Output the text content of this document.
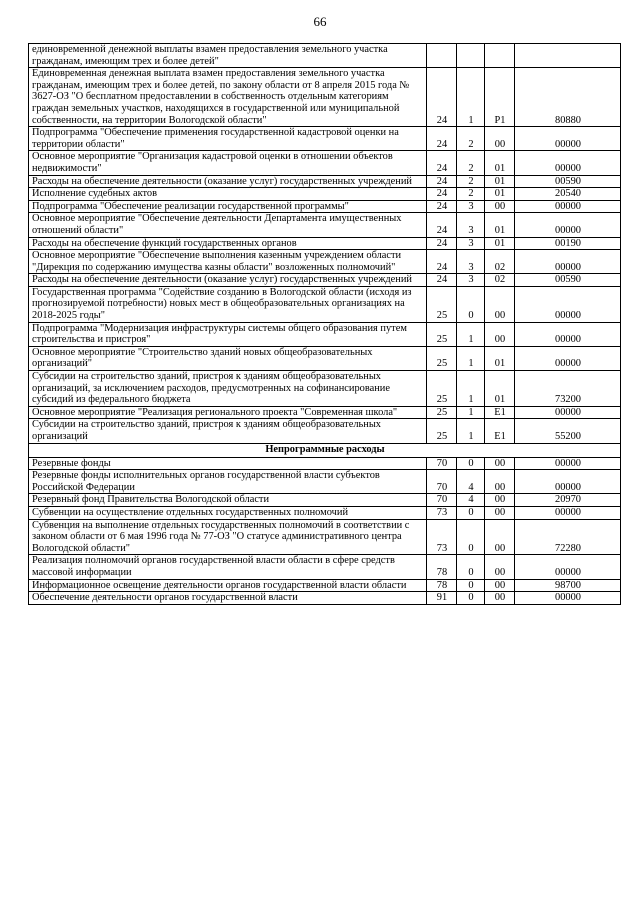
66
единовременной денежной выплаты взамен предоставления земельного участка гражданам, имеющим трех и более детей"				
Единовременная денежная выплата взамен предоставления земельного участка гражданам, имеющим трех и более детей, по закону области от 8 апреля 2015 года № 3627-ОЗ "О бесплатном предоставлении в собственность отдельным категориям граждан земельных участков, находящихся в государственной или муниципальной собственности, на территории Вологодской области"	24	1	Р1	80880
Подпрограмма "Обеспечение применения государственной кадастровой оценки на территории области"	24	2	00	00000
Основное мероприятие "Организация кадастровой оценки в отношении объектов недвижимости"	24	2	01	00000
Расходы на обеспечение деятельности (оказание услуг) государственных учреждений	24	2	01	00590
Исполнение судебных актов	24	2	01	20540
Подпрограмма "Обеспечение реализации государственной программы"	24	3	00	00000
Основное мероприятие "Обеспечение деятельности Департамента имущественных отношений области"	24	3	01	00000
Расходы на обеспечение функций государственных органов	24	3	01	00190
Основное мероприятие "Обеспечение выполнения казенным учреждением области "Дирекция по содержанию имущества казны области" возложенных полномочий"	24	3	02	00000
Расходы на обеспечение деятельности (оказание услуг) государственных учреждений	24	3	02	00590
Государственная программа "Содействие созданию в Вологодской области (исходя из прогнозируемой потребности) новых мест в общеобразовательных организациях на 2018-2025 годы"	25	0	00	00000
Подпрограмма "Модернизация инфраструктуры системы общего образования путем строительства и пристроя"	25	1	00	00000
Основное мероприятие "Строительство зданий новых общеобразовательных организаций"	25	1	01	00000
Субсидии на строительство зданий, пристроя к зданиям общеобразовательных организаций, за исключением расходов, предусмотренных на софинансирование субсидий из федерального бюджета	25	1	01	73200
Основное мероприятие "Реализация регионального проекта "Современная школа"	25	1	Е1	00000
Субсидии на строительство зданий, пристроя к зданиям общеобразовательных организаций	25	1	Е1	55200
Непрограммные расходы				
Резервные фонды	70	0	00	00000
Резервные фонды исполнительных органов государственной власти субъектов Российской Федерации	70	4	00	00000
Резервный фонд Правительства Вологодской области	70	4	00	20970
Субвенции на осуществление отдельных государственных полномочий	73	0	00	00000
Субвенция на выполнение отдельных государственных полномочий в соответствии с законом области от 6 мая 1996 года № 77-ОЗ "О статусе административного центра Вологодской области"	73	0	00	72280
Реализация полномочий органов государственной власти области в сфере средств массовой информации	78	0	00	00000
Информационное освещение деятельности органов государственной власти области	78	0	00	98700
Обеспечение деятельности органов государственной власти	91	0	00	00000
